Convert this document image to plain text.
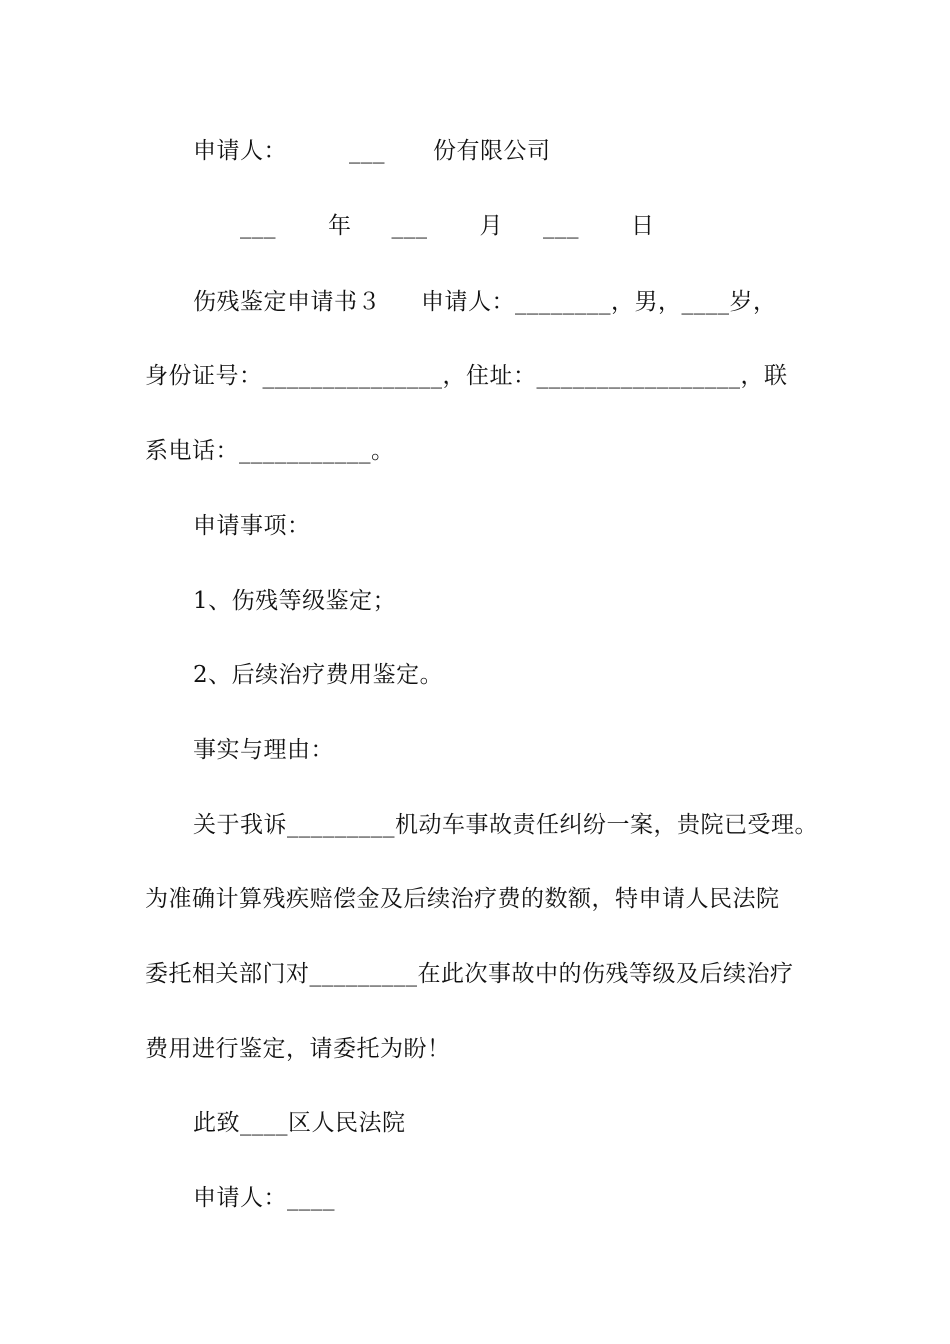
申请人：	___ 份有限公司
___ 年 ___ 月 ___ 日
伤残鉴定申请书３ 申请人：________，男，____岁，
身份证号：_______________，住址：_________________，联
系电话：___________。
申请事项：
1、伤残等级鉴定；
2、后续治疗费用鉴定。
事实与理由：
关于我诉_________机动车事故责任纠纷一案，贵院已受理。
为准确计算残疾赔偿金及后续治疗费的数额，特申请人民法院
委托相关部门对_________在此次事故中的伤残等级及后续治疗
费用进行鉴定，请委托为盼！
此致____区人民法院
申请人：____
